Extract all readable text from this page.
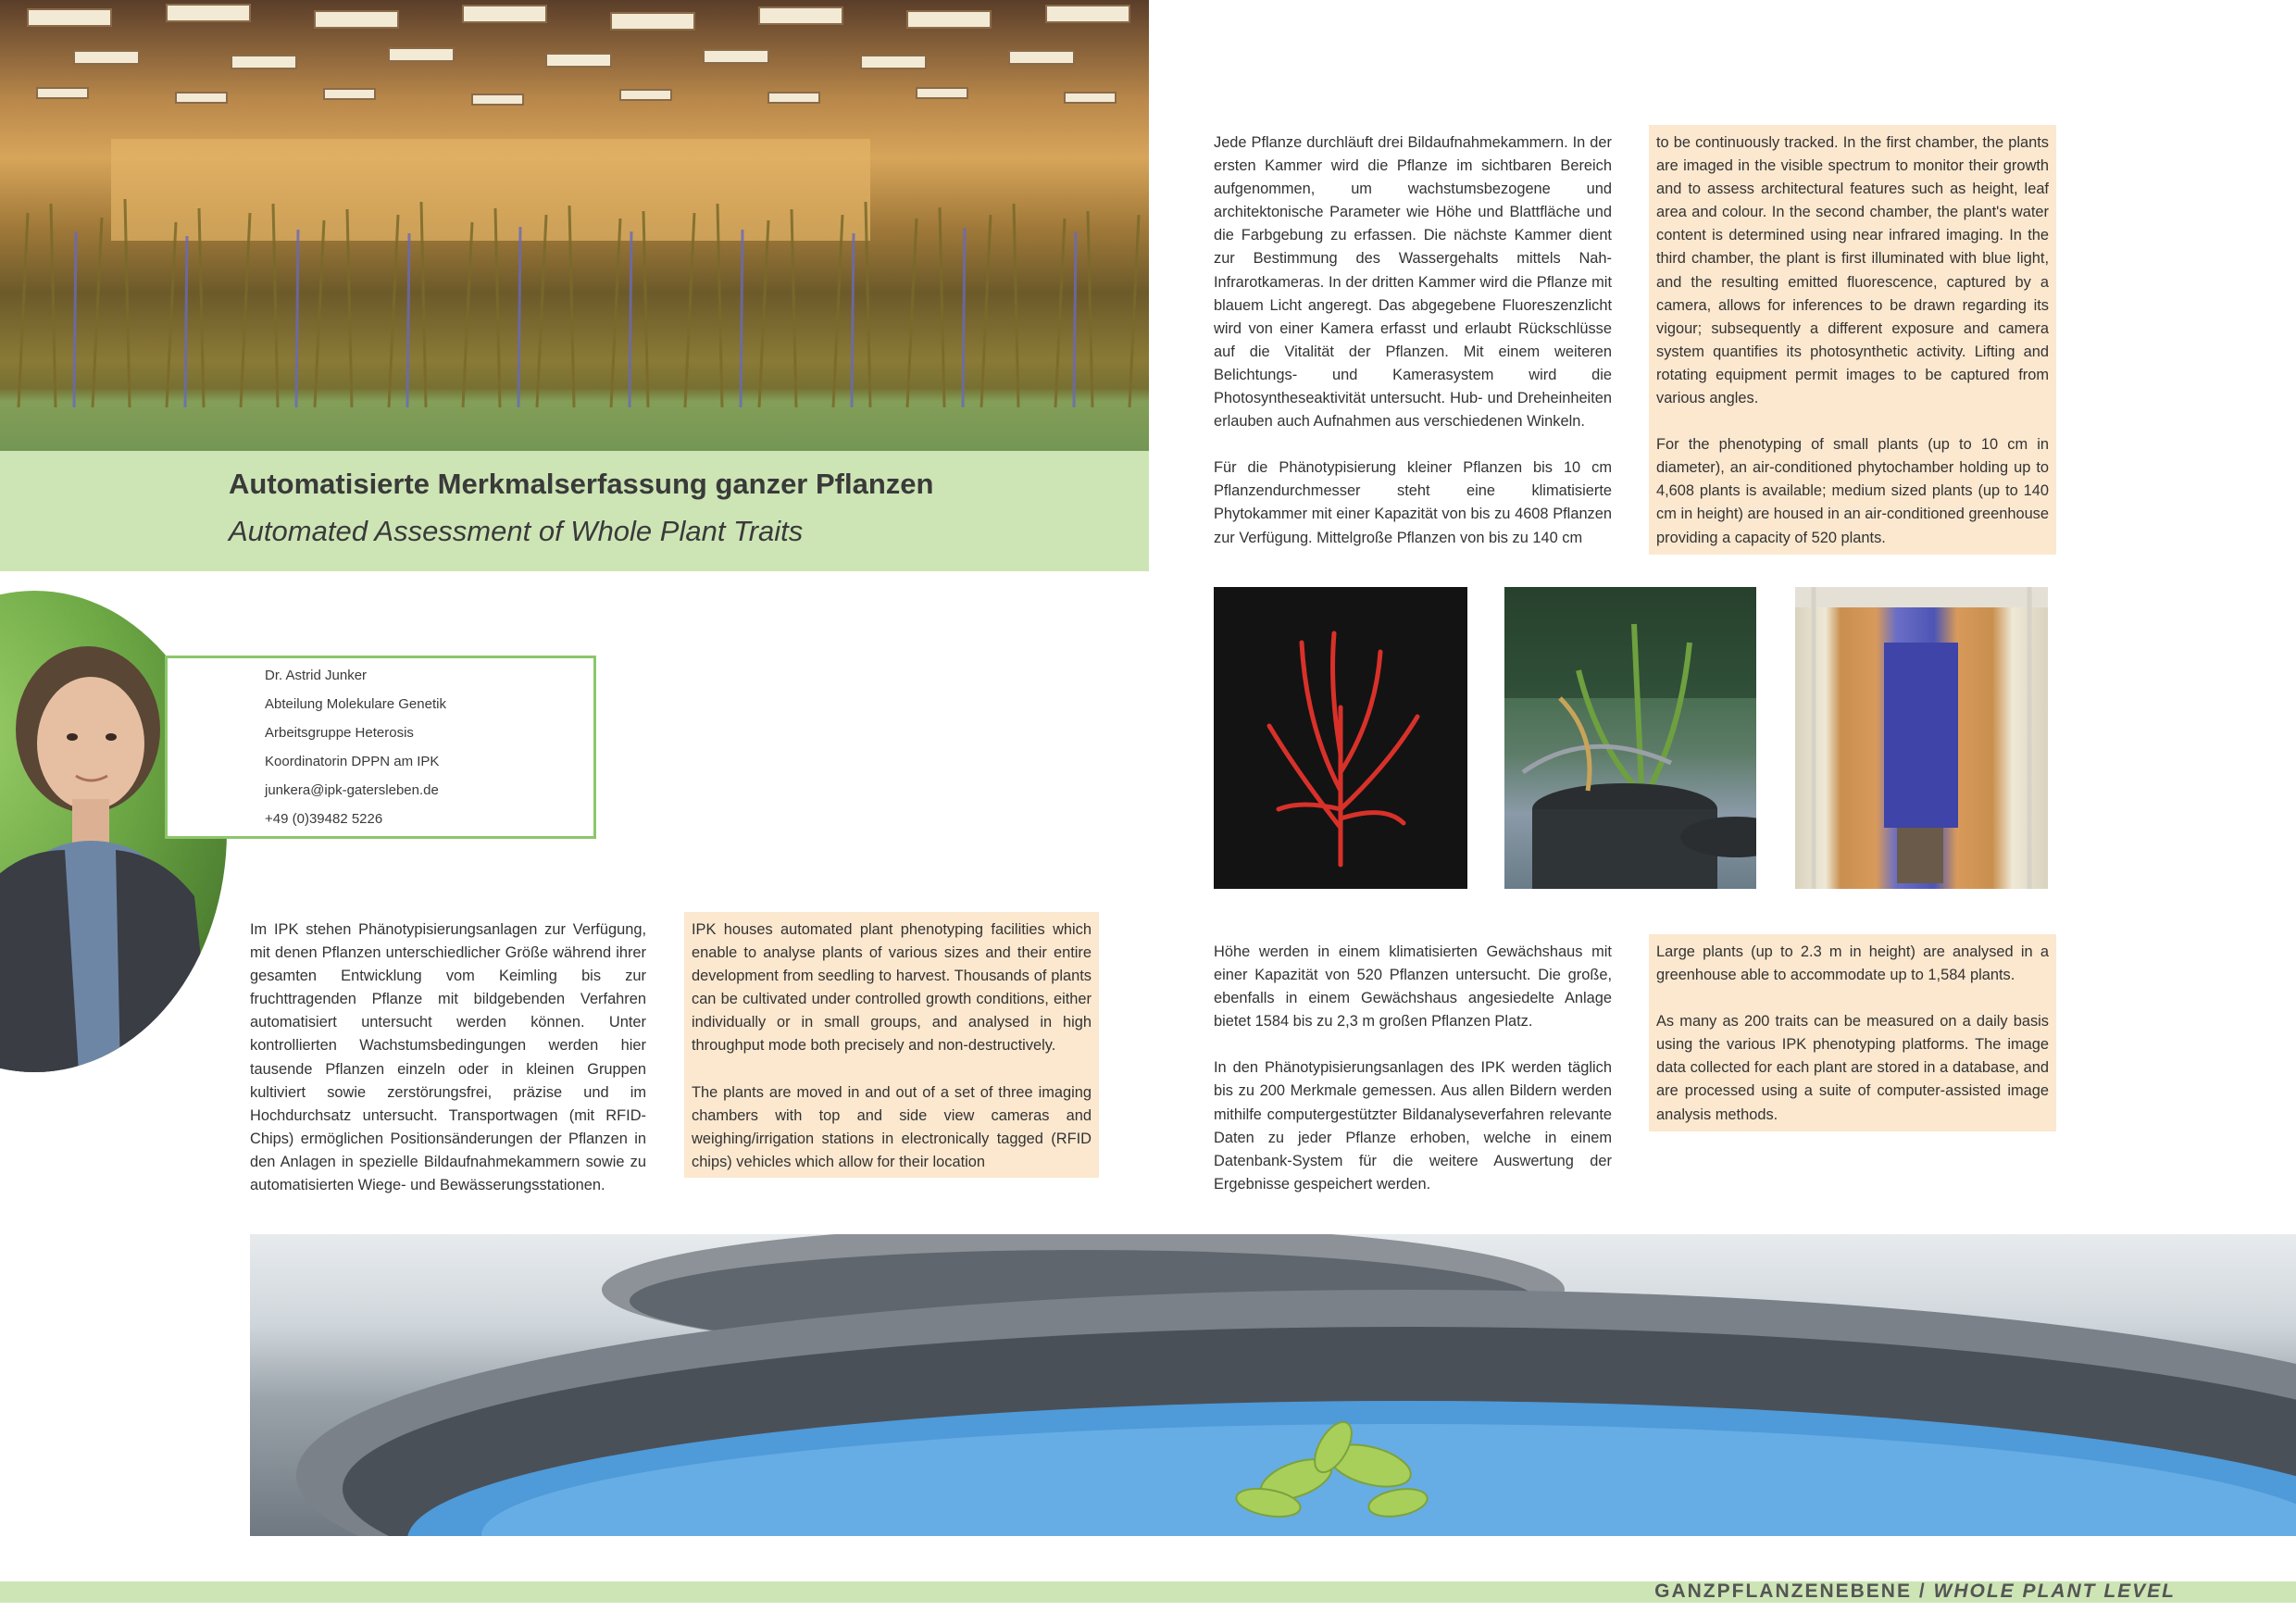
Automatisierte Merkmalserfassung ganzer Pflanzen
Automated Assessment of Whole Plant Traits
Dr. Astrid Junker
Abteilung Molekulare Genetik
Arbeitsgruppe Heterosis
Koordinatorin DPPN am IPK
junkera@ipk-gatersleben.de
+49 (0)39482 5226

Im IPK stehen Phänotypisierungsanlagen zur Verfügung, mit denen Pflanzen unterschiedlicher Größe während ihrer gesamten Entwicklung vom Keimling bis zur fruchttragenden Pflanze mit bildgebenden Verfahren automatisiert untersucht werden können. Unter kontrollierten Wachstumsbedingungen werden hier tausende Pflanzen einzeln oder in kleinen Gruppen kultiviert sowie zerstörungsfrei, präzise und im Hochdurchsatz untersucht. Transportwagen (mit RFID-Chips) ermöglichen Positionsänderungen der Pflanzen in den Anlagen in spezielle Bildaufnahmekammern sowie zu automatisierten Wiege- und Bewässerungsstationen.

IPK houses automated plant phenotyping facilities which enable to analyse plants of various sizes and their entire development from seedling to harvest. Thousands of plants can be cultivated under controlled growth conditions, either individually or in small groups, and analysed in high throughput mode both precisely and non-destructively.

The plants are moved in and out of a set of three imaging chambers with top and side view cameras and weighing/irrigation stations in electronically tagged (RFID chips) vehicles which allow for their location

Jede Pflanze durchläuft drei Bildaufnahmekammern. In der ersten Kammer wird die Pflanze im sichtbaren Bereich aufgenommen, um wachstumsbezogene und architektonische Parameter wie Höhe und Blattfläche und die Farbgebung zu erfassen. Die nächste Kammer dient zur Bestimmung des Wassergehalts mittels Nah-Infrarotkameras. In der dritten Kammer wird die Pflanze mit blauem Licht angeregt. Das abgegebene Fluoreszenzlicht wird von einer Kamera erfasst und erlaubt Rückschlüsse auf die Vitalität der Pflanzen. Mit einem weiteren Belichtungs- und Kamerasystem wird die Photosyntheseaktivität untersucht. Hub- und Dreheinheiten erlauben auch Aufnahmen aus verschiedenen Winkeln.

Für die Phänotypisierung kleiner Pflanzen bis 10 cm Pflanzendurchmesser steht eine klimatisierte Phytokammer mit einer Kapazität von bis zu 4608 Pflanzen zur Verfügung. Mittelgroße Pflanzen von bis zu 140 cm

to be continuously tracked. In the first chamber, the plants are imaged in the visible spectrum to monitor their growth and to assess architectural features such as height, leaf area and colour. In the second chamber, the plant's water content is determined using near infrared imaging. In the third chamber, the plant is first illuminated with blue light, and the resulting emitted fluorescence, captured by a camera, allows for inferences to be drawn regarding its vigour; subsequently a different exposure and camera system quantifies its photosynthetic activity. Lifting and rotating equipment permit images to be captured from various angles.

For the phenotyping of small plants (up to 10 cm in diameter), an air-conditioned phytochamber holding up to 4,608 plants is available; medium sized plants (up to 140 cm in height) are housed in an air-conditioned greenhouse providing a capacity of 520 plants.

Höhe werden in einem klimatisierten Gewächshaus mit einer Kapazität von 520 Pflanzen untersucht. Die große, ebenfalls in einem Gewächshaus angesiedelte Anlage bietet 1584 bis zu 2,3 m großen Pflanzen Platz.

In den Phänotypisierungsanlagen des IPK werden täglich bis zu 200 Merkmale gemessen. Aus allen Bildern werden mithilfe computergestützter Bildanalyseverfahren relevante Daten zu jeder Pflanze erhoben, welche in einem Datenbank-System für die weitere Auswertung der Ergebnisse gespeichert werden.

Large plants (up to 2.3 m in height) are analysed in a greenhouse able to accommodate up to 1,584 plants.

As many as 200 traits can be measured on a daily basis using the various IPK phenotyping platforms. The image data collected for each plant are stored in a database, and are processed using a suite of computer-assisted image analysis methods.

GANZPFLANZENEBENE / WHOLE PLANT LEVEL
